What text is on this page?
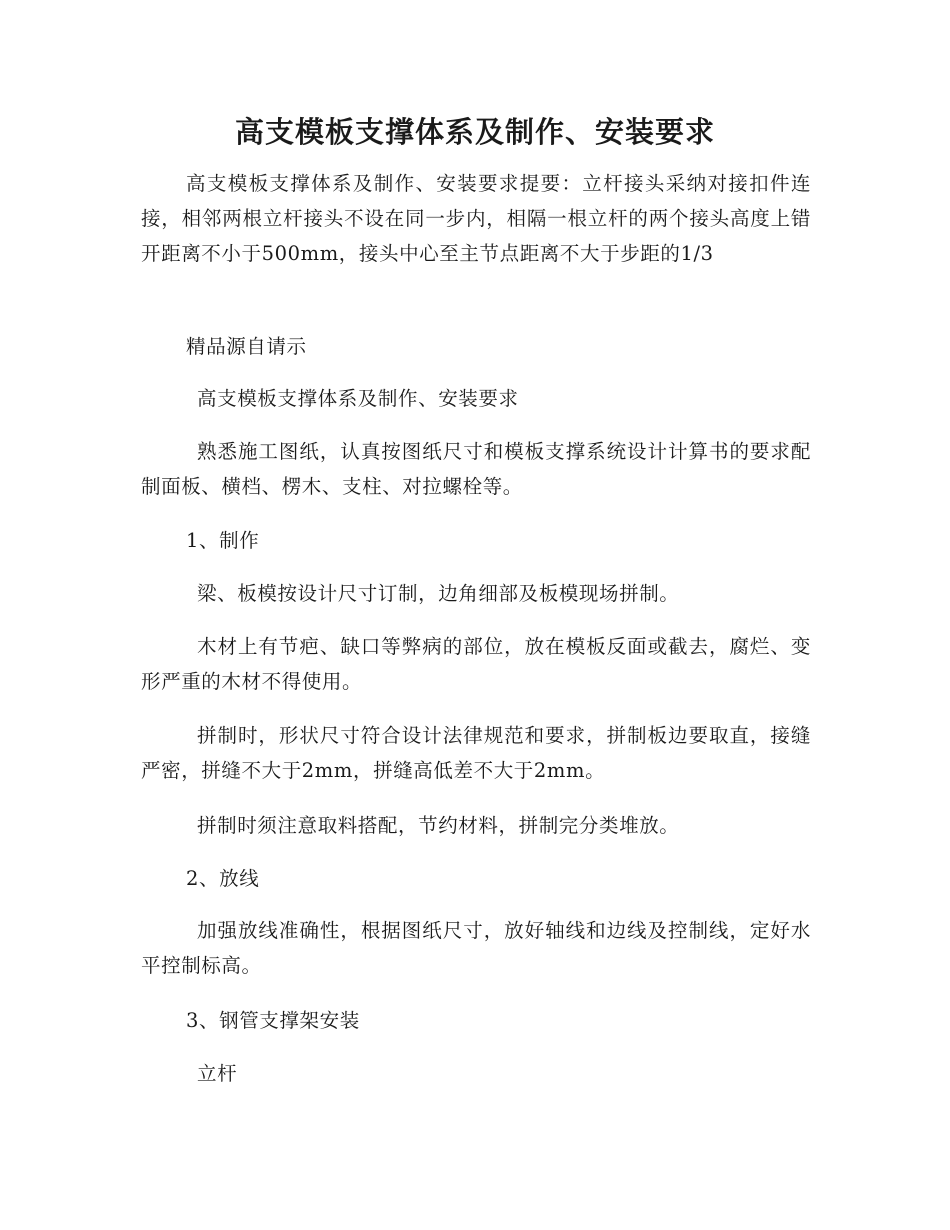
高支模板支撑体系及制作、安装要求

高支模板支撑体系及制作、安装要求提要：立杆接头采纳对接扣件连接，相邻两根立杆接头不设在同一步内，相隔一根立杆的两个接头高度上错开距离不小于500mm，接头中心至主节点距离不大于步距的1/3

精品源自请示

高支模板支撑体系及制作、安装要求

熟悉施工图纸，认真按图纸尺寸和模板支撑系统设计计算书的要求配制面板、横档、楞木、支柱、对拉螺栓等。

1、制作

梁、板模按设计尺寸订制，边角细部及板模现场拼制。

木材上有节疤、缺口等弊病的部位，放在模板反面或截去，腐烂、变形严重的木材不得使用。

拼制时，形状尺寸符合设计法律规范和要求，拼制板边要取直，接缝严密，拼缝不大于2mm，拼缝高低差不大于2mm。

拼制时须注意取料搭配，节约材料，拼制完分类堆放。

2、放线

加强放线准确性，根据图纸尺寸，放好轴线和边线及控制线，定好水平控制标高。

3、钢管支撑架安装

立杆
